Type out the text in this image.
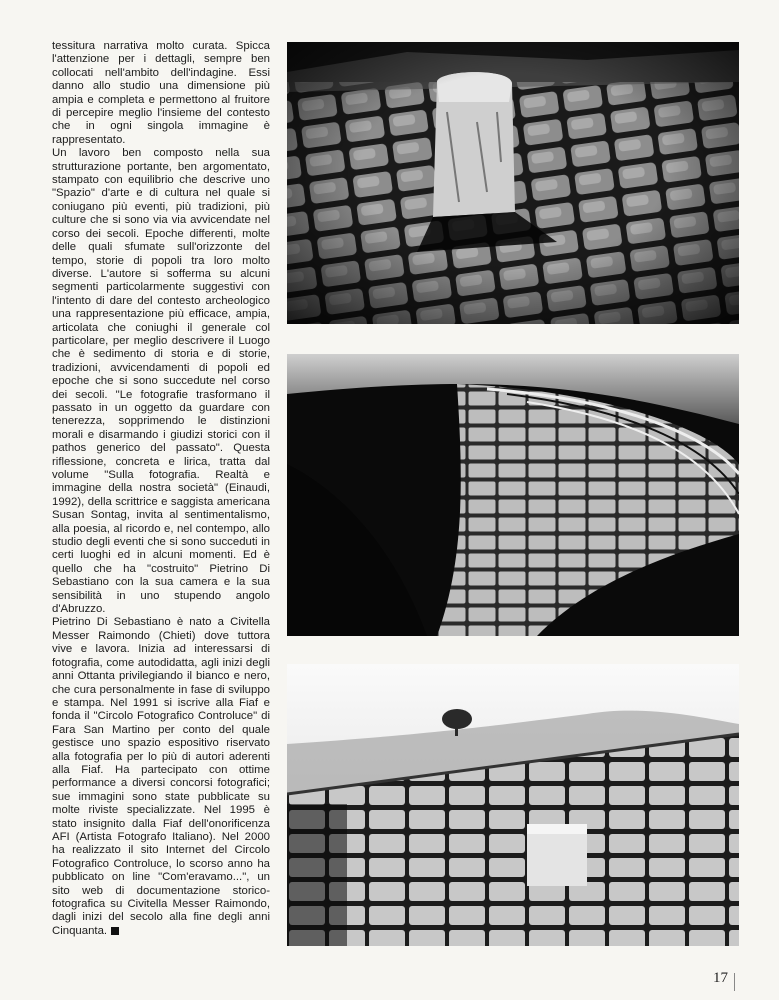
tessitura narrativa molto curata. Spicca l'attenzione per i dettagli, sempre ben collocati nell'ambito dell'indagine. Essi danno allo studio una dimensione più ampia e completa e permettono al fruitore di percepire meglio l'insieme del contesto che in ogni singola immagine è rappresentato.

Un lavoro ben composto nella sua strutturazione portante, ben argomentato, stampato con equilibrio che descrive uno "Spazio" d'arte e di cultura nel quale si coniugano più eventi, più tradizioni, più culture che si sono via via avvicendate nel corso dei secoli. Epoche differenti, molte delle quali sfumate sull'orizzonte del tempo, storie di popoli tra loro molto diverse. L'autore si sofferma su alcuni segmenti particolarmente suggestivi con l'intento di dare del contesto archeologico una rappresentazione più efficace, ampia, articolata che coniughi il generale col particolare, per meglio descrivere il Luogo che è sedimento di storia e di storie, tradizioni, avvicendamenti di popoli ed epoche che si sono succedute nel corso dei secoli. "Le fotografie trasformano il passato in un oggetto da guardare con tenerezza, sopprimendo le distinzioni morali e disarmando i giudizi storici con il pathos generico del passato". Questa riflessione, concreta e lirica, tratta dal volume "Sulla fotografia. Realtà e immagine della nostra società" (Einaudi, 1992), della scrittrice e saggista americana Susan Sontag, invita al sentimentalismo, alla poesia, al ricordo e, nel contempo, allo studio degli eventi che si sono succeduti in certi luoghi ed in alcuni momenti. Ed è quello che ha "costruito" Pietrino Di Sebastiano con la sua camera e la sua sensibilità in uno stupendo angolo d'Abruzzo.

Pietrino Di Sebastiano è nato a Civitella Messer Raimondo (Chieti) dove tuttora vive e lavora. Inizia ad interessarsi di fotografia, come autodidatta, agli inizi degli anni Ottanta privilegiando il bianco e nero, che cura personalmente in fase di sviluppo e stampa. Nel 1991 si iscrive alla Fiaf e fonda il "Circolo Fotografico Controluce" di Fara San Martino per conto del quale gestisce uno spazio espositivo riservato alla fotografia per lo più di autori aderenti alla Fiaf. Ha partecipato con ottime performance a diversi concorsi fotografici; sue immagini sono state pubblicate su molte riviste specializzate. Nel 1995 è stato insignito dalla Fiaf dell'onorificenza AFI (Artista Fotografo Italiano). Nel 2000 ha realizzato il sito Internet del Circolo Fotografico Controluce, lo scorso anno ha pubblicato on line "Com'eravamo...", un sito web di documentazione storico-fotografica su Civitella Messer Raimondo, dagli inizi del secolo alla fine degli anni Cinquanta.

17
